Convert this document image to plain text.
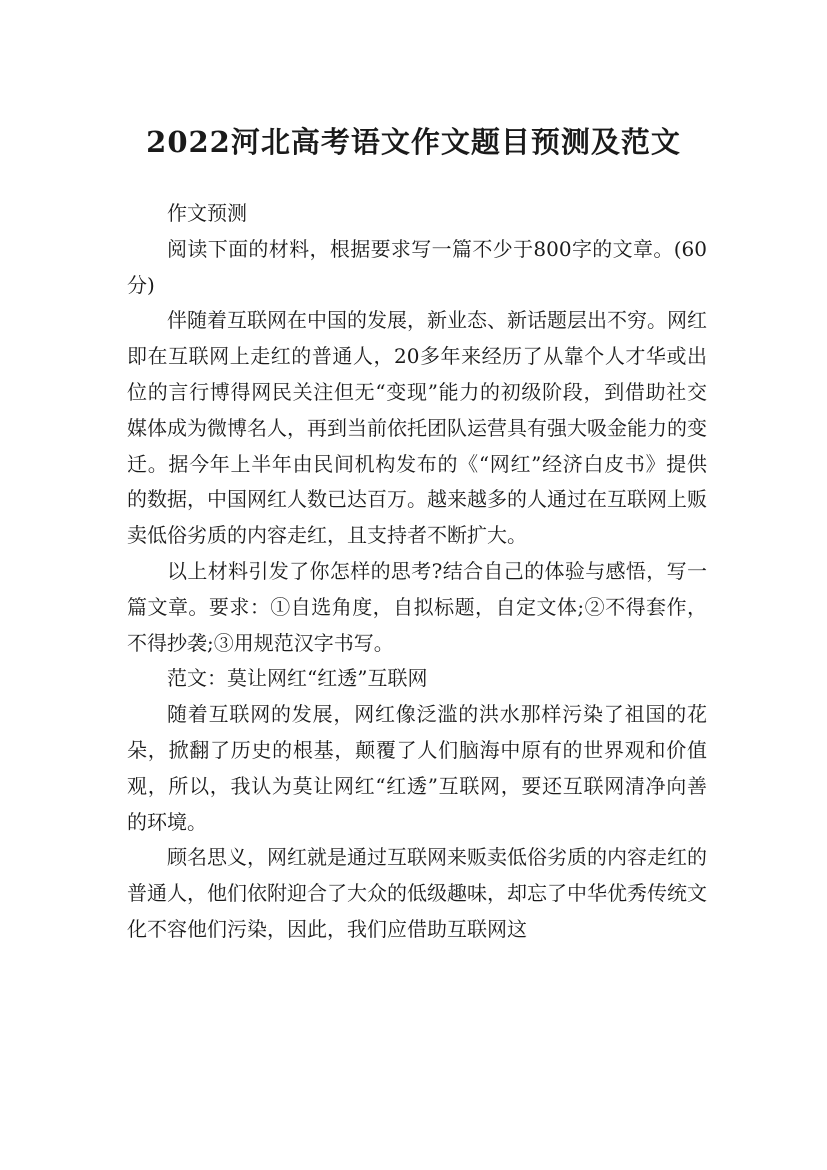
2022河北高考语文作文题目预测及范文

作文预测

阅读下面的材料，根据要求写一篇不少于800字的文章。(60分)

伴随着互联网在中国的发展，新业态、新话题层出不穷。网红即在互联网上走红的普通人，20多年来经历了从靠个人才华或出位的言行博得网民关注但无“变现”能力的初级阶段，到借助社交媒体成为微博名人，再到当前依托团队运营具有强大吸金能力的变迁。据今年上半年由民间机构发布的《“网红”经济白皮书》提供的数据，中国网红人数已达百万。越来越多的人通过在互联网上贩卖低俗劣质的内容走红，且支持者不断扩大。

以上材料引发了你怎样的思考?结合自己的体验与感悟，写一篇文章。要求：①自选角度，自拟标题，自定文体;②不得套作，不得抄袭;③用规范汉字书写。

范文：莫让网红“红透”互联网

随着互联网的发展，网红像泛滥的洪水那样污染了祖国的花朵，掀翻了历史的根基，颠覆了人们脑海中原有的世界观和价值观，所以，我认为莫让网红“红透”互联网，要还互联网清净向善的环境。

顾名思义，网红就是通过互联网来贩卖低俗劣质的内容走红的普通人，他们依附迎合了大众的低级趣味，却忘了中华优秀传统文化不容他们污染，因此，我们应借助互联网这
